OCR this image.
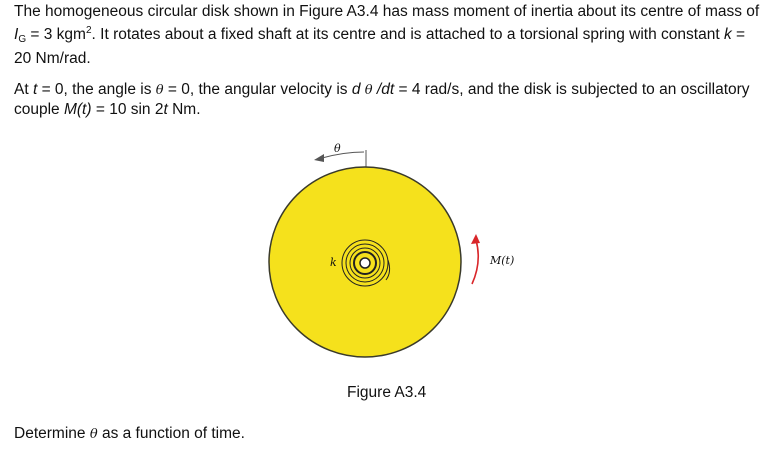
The homogeneous circular disk shown in Figure A3.4 has mass moment of inertia about its centre of mass of $I_G = 3$ kgm$^2$. It rotates about a fixed shaft at its centre and is attached to a torsional spring with constant k = 20 Nm/rad.

At t = 0, the angle is θ = 0, the angular velocity is d θ /dt = 4 rad/s, and the disk is subjected to an oscillatory couple M(t) = 10 sin 2t Nm.

θ
k	M(t)
Figure A3.4
Determine θ as a function of time.
